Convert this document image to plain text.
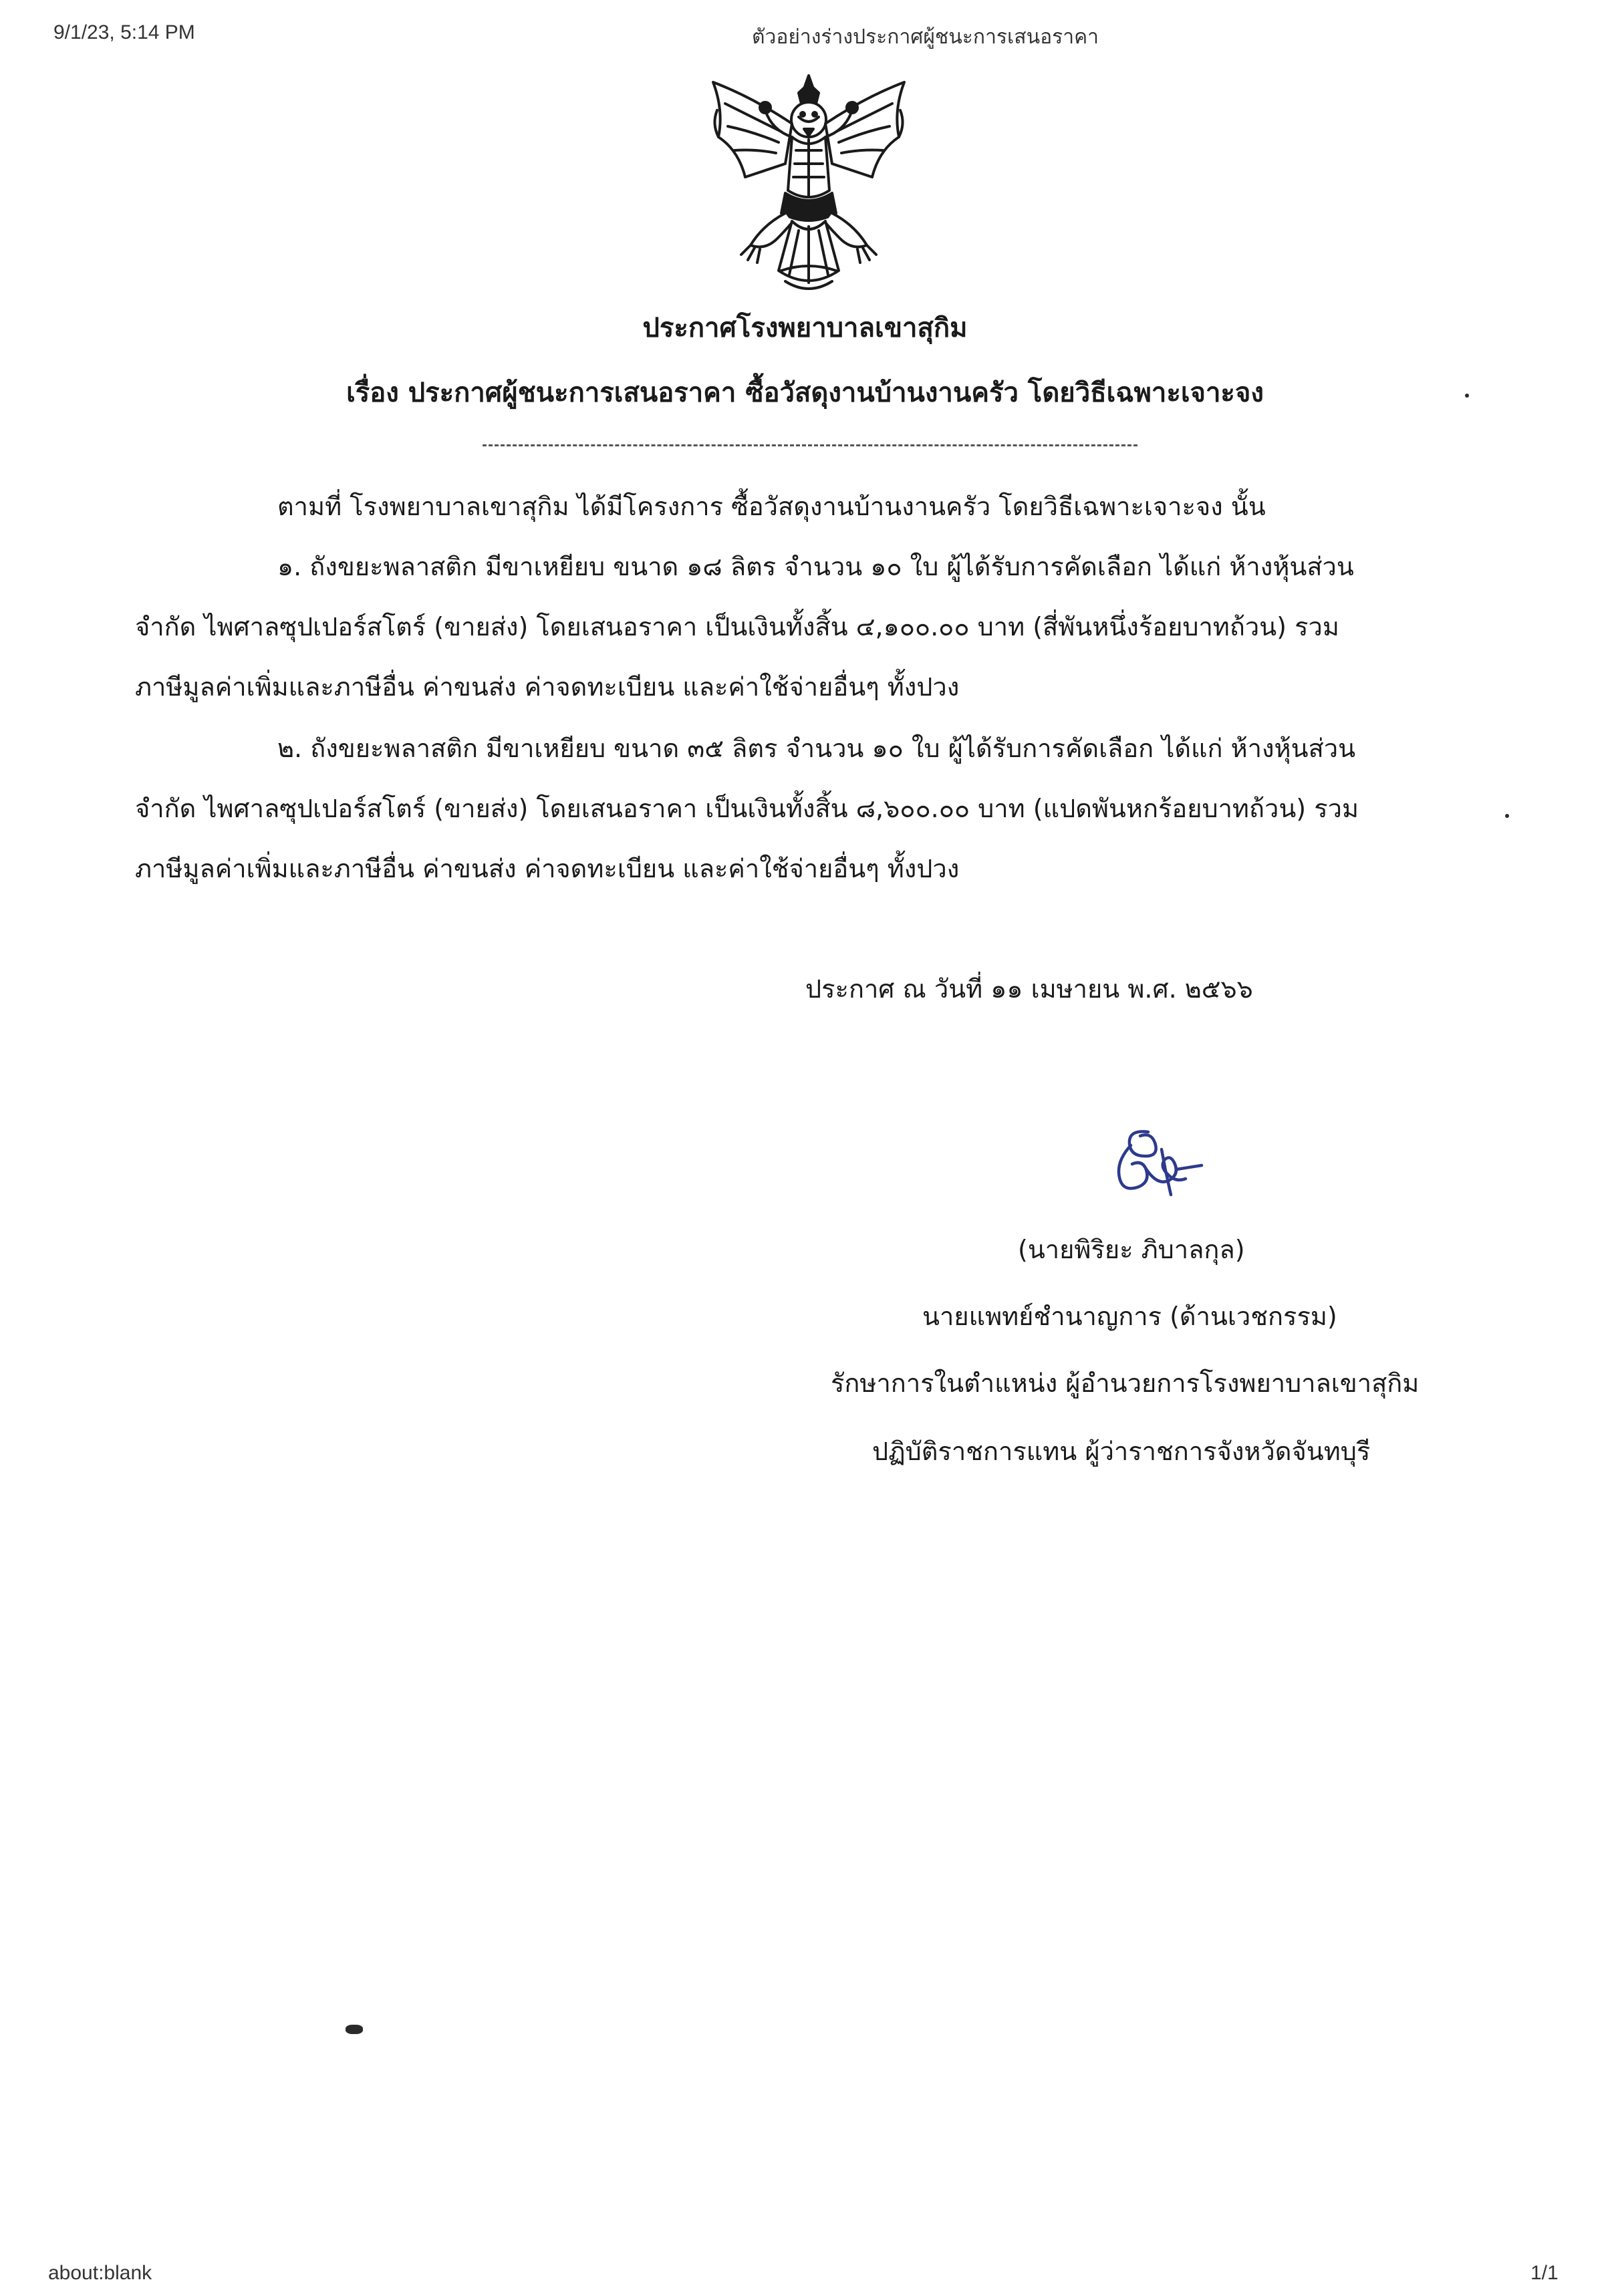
9/1/23, 5:14 PM	ตัวอย่างร่างประกาศผู้ชนะการเสนอราคา
about:blank	1/1
ประกาศโรงพยาบาลเขาสุกิม
เรื่อง ประกาศผู้ชนะการเสนอราคา ซื้อวัสดุงานบ้านงานครัว โดยวิธีเฉพาะเจาะจง
ตามที่ โรงพยาบาลเขาสุกิม ได้มีโครงการ ซื้อวัสดุงานบ้านงานครัว โดยวิธีเฉพาะเจาะจง นั้น
๑. ถังขยะพลาสติก มีขาเหยียบ ขนาด ๑๘ ลิตร จำนวน ๑๐ ใบ ผู้ได้รับการคัดเลือก ได้แก่ ห้างหุ้นส่วน
จำกัด ไพศาลซุปเปอร์สโตร์ (ขายส่ง) โดยเสนอราคา เป็นเงินทั้งสิ้น ๔,๑๐๐.๐๐ บาท (สี่พันหนึ่งร้อยบาทถ้วน) รวม
ภาษีมูลค่าเพิ่มและภาษีอื่น ค่าขนส่ง ค่าจดทะเบียน และค่าใช้จ่ายอื่นๆ ทั้งปวง
๒. ถังขยะพลาสติก มีขาเหยียบ ขนาด ๓๕ ลิตร จำนวน ๑๐ ใบ ผู้ได้รับการคัดเลือก ได้แก่ ห้างหุ้นส่วน
จำกัด ไพศาลซุปเปอร์สโตร์ (ขายส่ง) โดยเสนอราคา เป็นเงินทั้งสิ้น ๘,๖๐๐.๐๐ บาท (แปดพันหกร้อยบาทถ้วน) รวม
ภาษีมูลค่าเพิ่มและภาษีอื่น ค่าขนส่ง ค่าจดทะเบียน และค่าใช้จ่ายอื่นๆ ทั้งปวง
ประกาศ ณ วันที่ ๑๑ เมษายน พ.ศ. ๒๕๖๖
(นายพิริยะ ภิบาลกุล)
นายแพทย์ชำนาญการ (ด้านเวชกรรม)
รักษาการในตำแหน่ง ผู้อำนวยการโรงพยาบาลเขาสุกิม
ปฏิบัติราชการแทน ผู้ว่าราชการจังหวัดจันทบุรี
